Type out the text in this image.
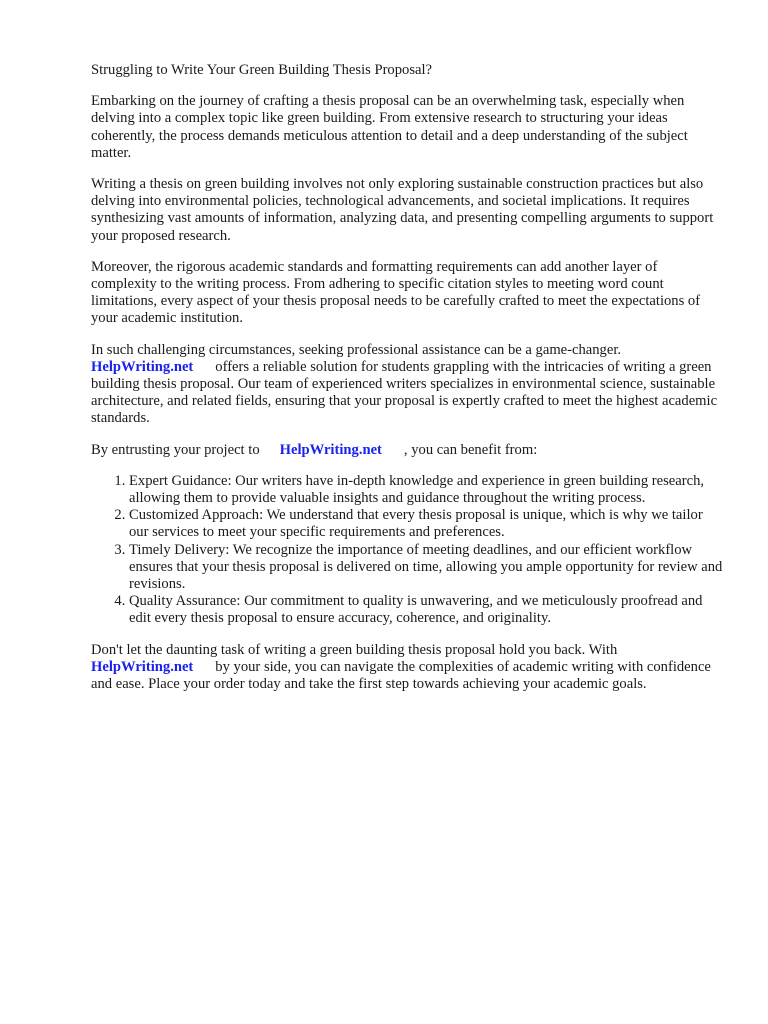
Struggling to Write Your Green Building Thesis Proposal?

Embarking on the journey of crafting a thesis proposal can be an overwhelming task, especially when delving into a complex topic like green building. From extensive research to structuring your ideas coherently, the process demands meticulous attention to detail and a deep understanding of the subject matter.

Writing a thesis on green building involves not only exploring sustainable construction practices but also delving into environmental policies, technological advancements, and societal implications. It requires synthesizing vast amounts of information, analyzing data, and presenting compelling arguments to support your proposed research.

Moreover, the rigorous academic standards and formatting requirements can add another layer of complexity to the writing process. From adhering to specific citation styles to meeting word count limitations, every aspect of your thesis proposal needs to be carefully crafted to meet the expectations of your academic institution.

In such challenging circumstances, seeking professional assistance can be a game-changer.
HelpWriting.net offers a reliable solution for students grappling with the intricacies of writing a green building thesis proposal. Our team of experienced writers specializes in environmental science, sustainable architecture, and related fields, ensuring that your proposal is expertly crafted to meet the highest academic standards.

By entrusting your project to HelpWriting.net , you can benefit from:

1. Expert Guidance: Our writers have in-depth knowledge and experience in green building research, allowing them to provide valuable insights and guidance throughout the writing process.
2. Customized Approach: We understand that every thesis proposal is unique, which is why we tailor our services to meet your specific requirements and preferences.
3. Timely Delivery: We recognize the importance of meeting deadlines, and our efficient workflow ensures that your thesis proposal is delivered on time, allowing you ample opportunity for review and revisions.
4. Quality Assurance: Our commitment to quality is unwavering, and we meticulously proofread and edit every thesis proposal to ensure accuracy, coherence, and originality.

Don't let the daunting task of writing a green building thesis proposal hold you back. With
HelpWriting.net by your side, you can navigate the complexities of academic writing with confidence and ease. Place your order today and take the first step towards achieving your academic goals.
